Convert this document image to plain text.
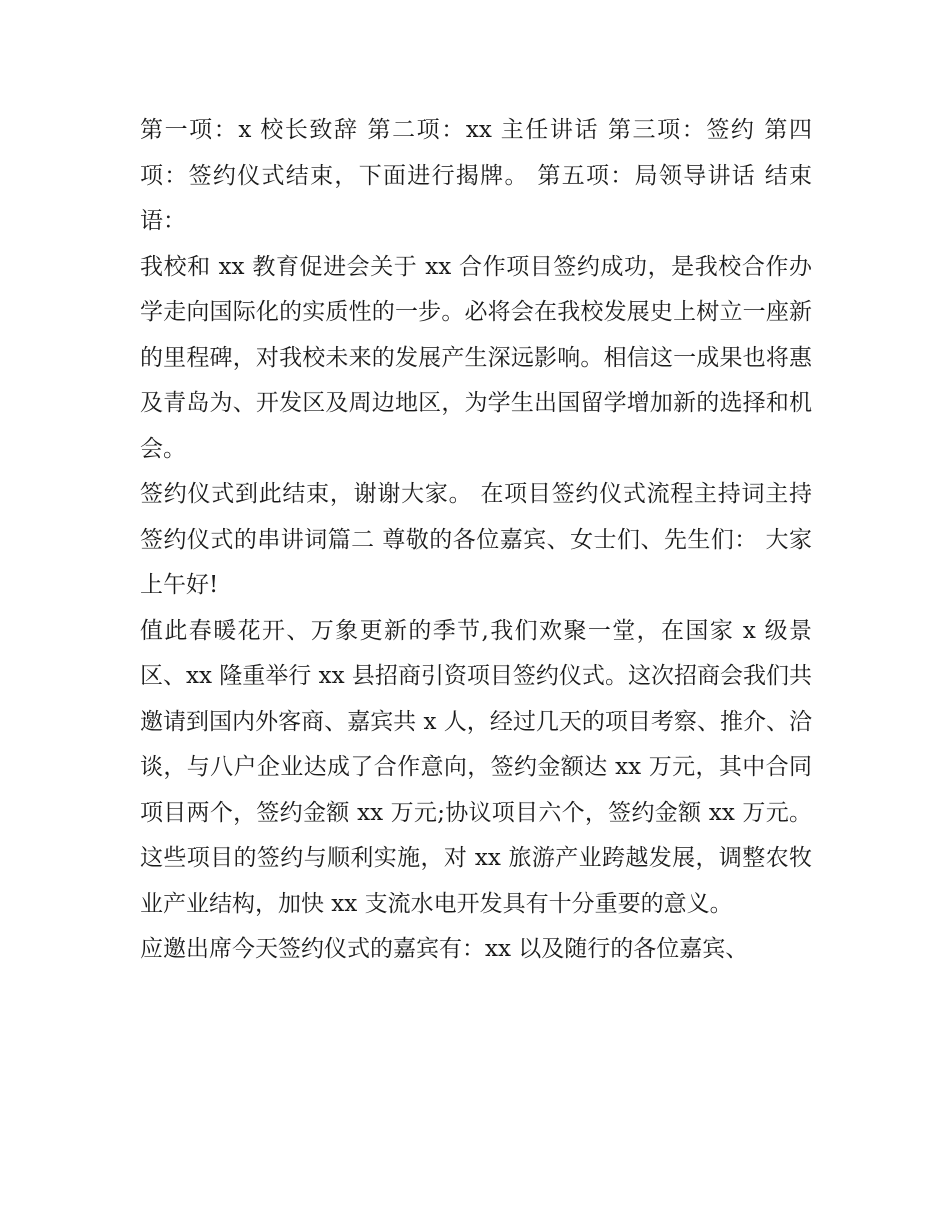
第一项：x 校长致辞 第二项：xx 主任讲话 第三项：签约 第四项：签约仪式结束，下面进行揭牌。 第五项：局领导讲话 结束语：

我校和 xx 教育促进会关于 xx 合作项目签约成功，是我校合作办学走向国际化的实质性的一步。必将会在我校发展史上树立一座新的里程碑，对我校未来的发展产生深远影响。相信这一成果也将惠及青岛为、开发区及周边地区，为学生出国留学增加新的选择和机会。

签约仪式到此结束，谢谢大家。 在项目签约仪式流程主持词主持签约仪式的串讲词篇二 尊敬的各位嘉宾、女士们、先生们： 大家上午好!

值此春暖花开、万象更新的季节,我们欢聚一堂，在国家 x 级景区、xx 隆重举行 xx 县招商引资项目签约仪式。这次招商会我们共邀请到国内外客商、嘉宾共 x 人，经过几天的项目考察、推介、洽谈，与八户企业达成了合作意向，签约金额达 xx 万元，其中合同项目两个，签约金额 xx 万元;协议项目六个，签约金额 xx 万元。这些项目的签约与顺利实施，对 xx 旅游产业跨越发展，调整农牧业产业结构，加快 xx 支流水电开发具有十分重要的意义。

应邀出席今天签约仪式的嘉宾有：xx 以及随行的各位嘉宾、
